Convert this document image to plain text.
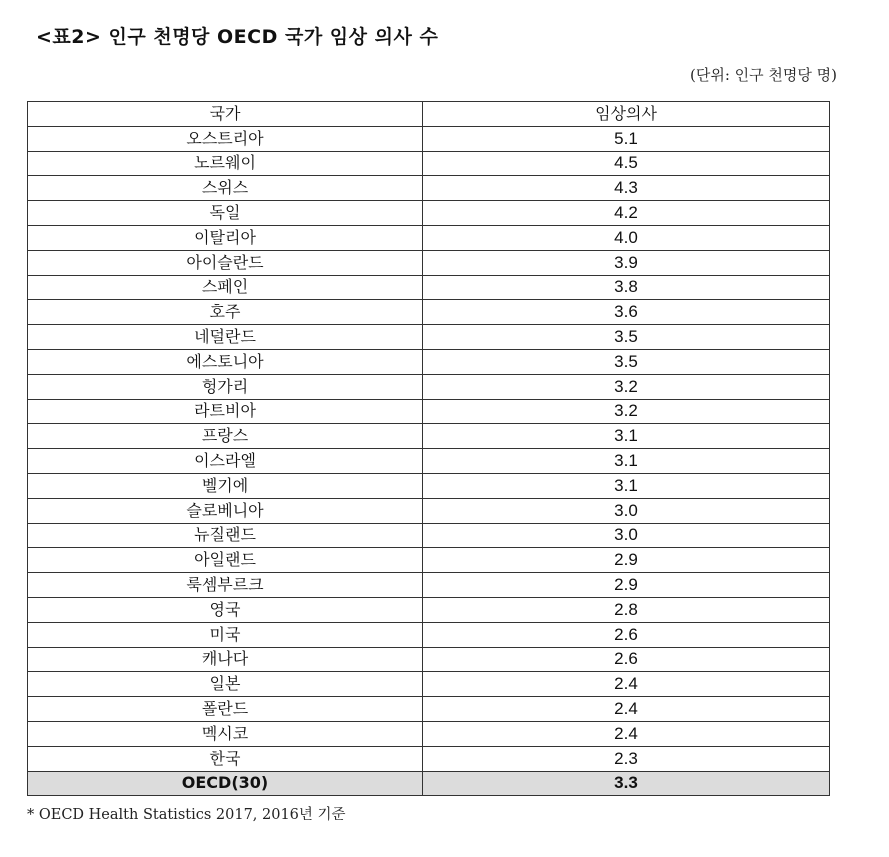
<표2> 인구 천명당 OECD 국가 임상 의사 수
(단위: 인구 천명당 명)
국가	임상의사
오스트리아	5.1
노르웨이	4.5
스위스	4.3
독일	4.2
이탈리아	4.0
아이슬란드	3.9
스페인	3.8
호주	3.6
네덜란드	3.5
에스토니아	3.5
헝가리	3.2
라트비아	3.2
프랑스	3.1
이스라엘	3.1
벨기에	3.1
슬로베니아	3.0
뉴질랜드	3.0
아일랜드	2.9
룩셈부르크	2.9
영국	2.8
미국	2.6
캐나다	2.6
일본	2.4
폴란드	2.4
멕시코	2.4
한국	2.3
OECD(30)	3.3
* OECD Health Statistics 2017, 2016년 기준
